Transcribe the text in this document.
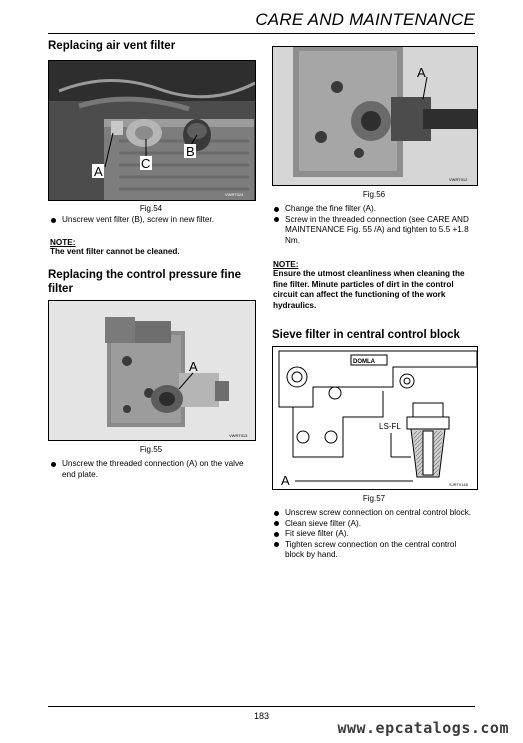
CARE AND MAINTENANCE
Replacing air vent filter
A
C
B
VWRT024
Fig.54

Unscrew vent filter (B), screw in new filter.

NOTE:
The vent filter cannot be cleaned.
Replacing the control pressure fine filter
A
VWRT013
Fig.55

Unscrew the threaded connection (A) on the valve end plate.

A
VWRT012
Fig.56

Change the fine filter (A).

Screw in the threaded connection (see CARE AND MAINTENANCE Fig. 55 /A) and tighten to 5.5 +1.8 Nm.

NOTE:
Ensure the utmost cleanliness when cleaning the fine filter. Minute particles of dirt in the control circuit can affect the functioning of the work hydraulics.
Sieve filter in central control block
DOMLA
LS-FL
A	SJRT0148
Fig.57

Unscrew screw connection on central control block.

Clean sieve filter (A).

Fit sieve filter (A).

Tighten screw connection on the central control block by hand.

183
www.epcatalogs.com
